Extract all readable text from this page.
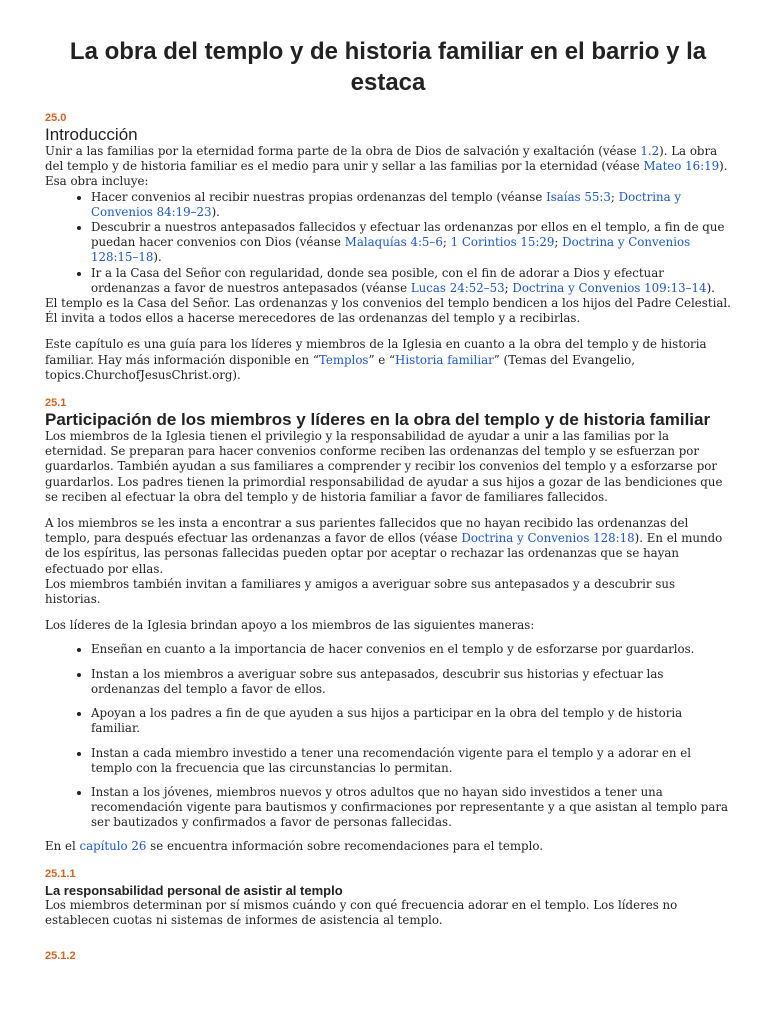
La obra del templo y de historia familiar en el barrio y la estaca
25.0
Introducción

Unir a las familias por la eternidad forma parte de la obra de Dios de salvación y exaltación (véase 1.2). La obra del templo y de historia familiar es el medio para unir y sellar a las familias por la eternidad (véase Mateo 16:19). Esa obra incluye:

• Hacer convenios al recibir nuestras propias ordenanzas del templo (véanse Isaías 55:3; Doctrina y Convenios 84:19–23).
• Descubrir a nuestros antepasados fallecidos y efectuar las ordenanzas por ellos en el templo, a fin de que puedan hacer convenios con Dios (véanse Malaquías 4:5–6; 1 Corintios 15:29; Doctrina y Convenios 128:15–18).
• Ir a la Casa del Señor con regularidad, donde sea posible, con el fin de adorar a Dios y efectuar ordenanzas a favor de nuestros antepasados (véanse Lucas 24:52–53; Doctrina y Convenios 109:13–14).

El templo es la Casa del Señor. Las ordenanzas y los convenios del templo bendicen a los hijos del Padre Celestial. Él invita a todos ellos a hacerse merecedores de las ordenanzas del templo y a recibirlas.

Este capítulo es una guía para los líderes y miembros de la Iglesia en cuanto a la obra del templo y de historia familiar. Hay más información disponible en “Templos” e “Historia familiar” (Temas del Evangelio, topics.ChurchofJesusChrist.org).

25.1
Participación de los miembros y líderes en la obra del templo y de historia familiar

Los miembros de la Iglesia tienen el privilegio y la responsabilidad de ayudar a unir a las familias por la eternidad. Se preparan para hacer convenios conforme reciben las ordenanzas del templo y se esfuerzan por guardarlos. También ayudan a sus familiares a comprender y recibir los convenios del templo y a esforzarse por guardarlos. Los padres tienen la primordial responsabilidad de ayudar a sus hijos a gozar de las bendiciones que se reciben al efectuar la obra del templo y de historia familiar a favor de familiares fallecidos.

A los miembros se les insta a encontrar a sus parientes fallecidos que no hayan recibido las ordenanzas del templo, para después efectuar las ordenanzas a favor de ellos (véase Doctrina y Convenios 128:18). En el mundo de los espíritus, las personas fallecidas pueden optar por aceptar o rechazar las ordenanzas que se hayan efectuado por ellas.

Los miembros también invitan a familiares y amigos a averiguar sobre sus antepasados y a descubrir sus historias.

Los líderes de la Iglesia brindan apoyo a los miembros de las siguientes maneras:

• Enseñan en cuanto a la importancia de hacer convenios en el templo y de esforzarse por guardarlos.
• Instan a los miembros a averiguar sobre sus antepasados, descubrir sus historias y efectuar las ordenanzas del templo a favor de ellos.
• Apoyan a los padres a fin de que ayuden a sus hijos a participar en la obra del templo y de historia familiar.
• Instan a cada miembro investido a tener una recomendación vigente para el templo y a adorar en el templo con la frecuencia que las circunstancias lo permitan.
• Instan a los jóvenes, miembros nuevos y otros adultos que no hayan sido investidos a tener una recomendación vigente para bautismos y confirmaciones por representante y a que asistan al templo para ser bautizados y confirmados a favor de personas fallecidas.

En el capítulo 26 se encuentra información sobre recomendaciones para el templo.

25.1.1
La responsabilidad personal de asistir al templo

Los miembros determinan por sí mismos cuándo y con qué frecuencia adorar en el templo. Los líderes no establecen cuotas ni sistemas de informes de asistencia al templo.

25.1.2
